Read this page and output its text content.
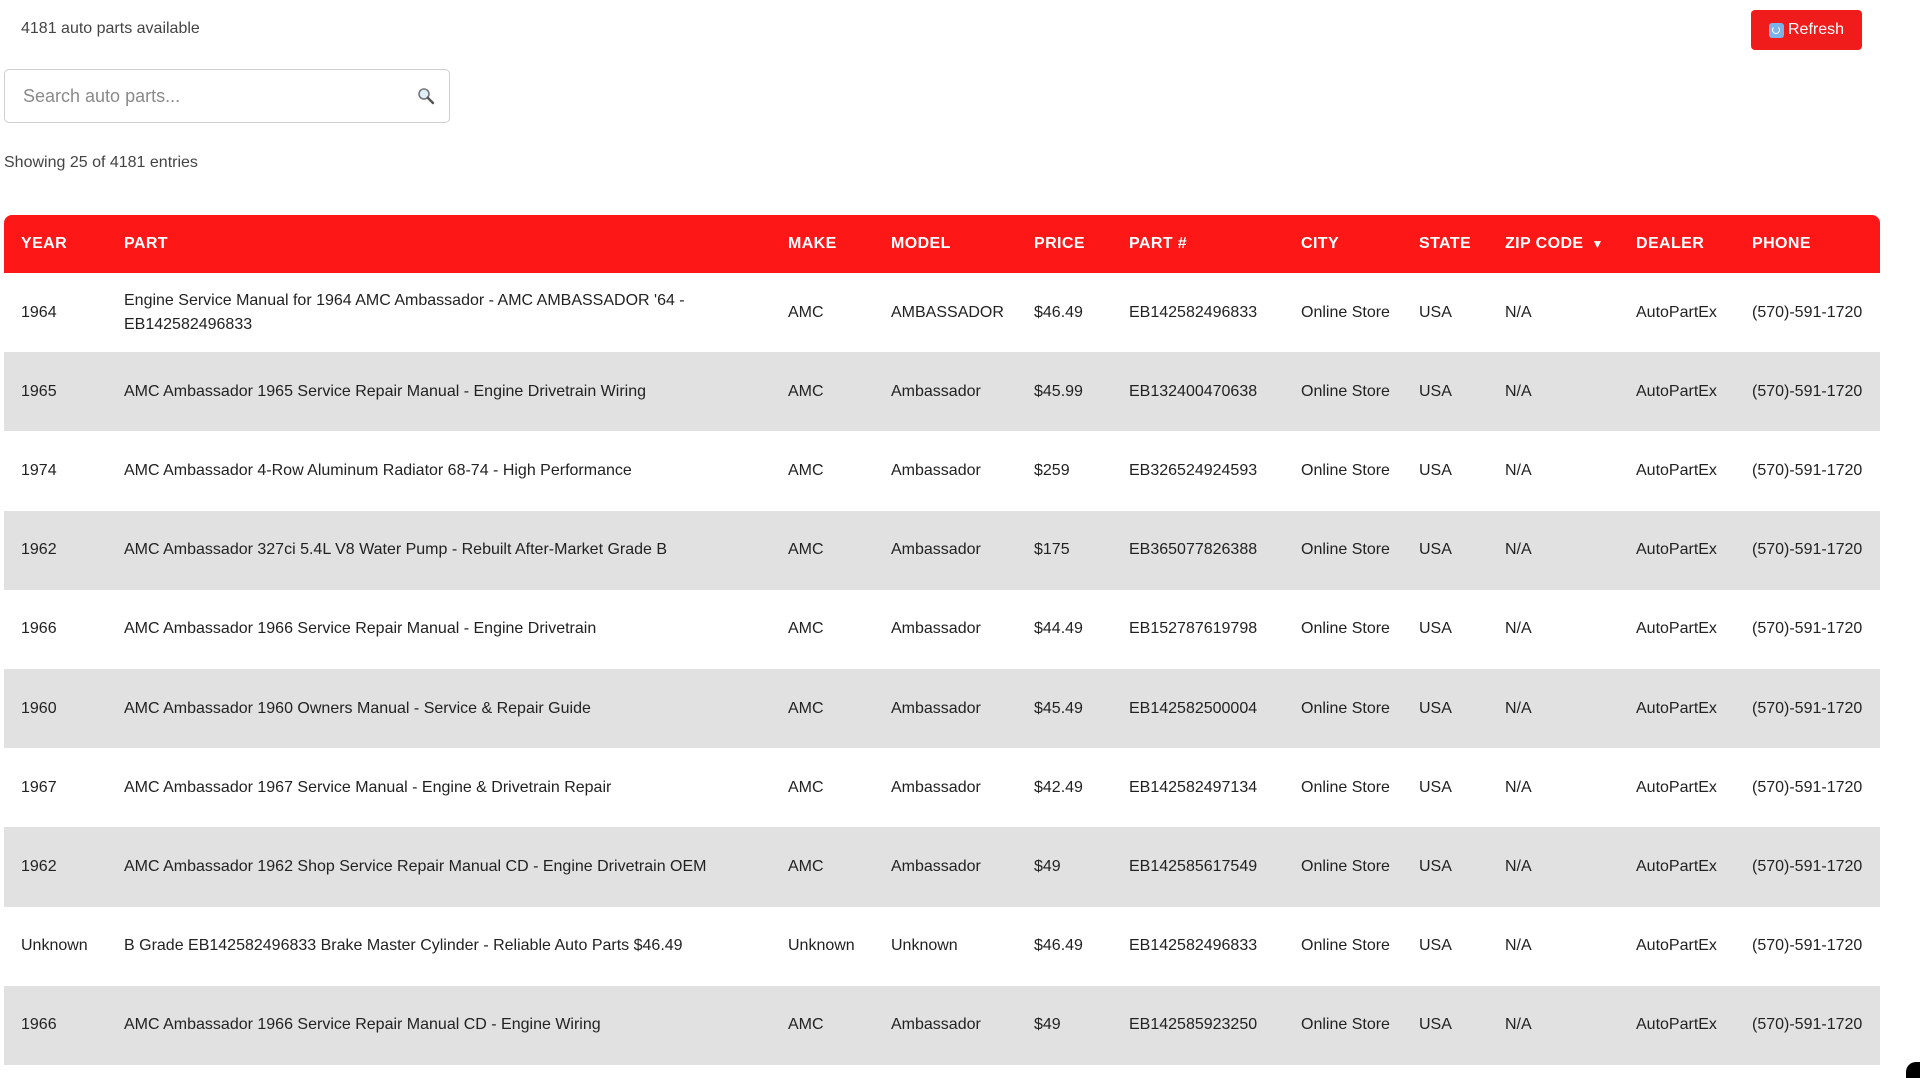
4181 auto parts available	Refresh
Search auto parts...
Showing 25 of 4181 entries
YEAR	PART	MAKE	MODEL	PRICE	PART #	CITY	STATE	ZIP CODE ▼	DEALER	PHONE
1964	Engine Service Manual for 1964 AMC Ambassador - AMC AMBASSADOR '64 - EB142582496833	AMC	AMBASSADOR	$46.49	EB142582496833	Online Store	USA	N/A	AutoPartEx	(570)-591-1720
1965	AMC Ambassador 1965 Service Repair Manual - Engine Drivetrain Wiring	AMC	Ambassador	$45.99	EB132400470638	Online Store	USA	N/A	AutoPartEx	(570)-591-1720
1974	AMC Ambassador 4-Row Aluminum Radiator 68-74 - High Performance	AMC	Ambassador	$259	EB326524924593	Online Store	USA	N/A	AutoPartEx	(570)-591-1720
1962	AMC Ambassador 327ci 5.4L V8 Water Pump - Rebuilt After-Market Grade B	AMC	Ambassador	$175	EB365077826388	Online Store	USA	N/A	AutoPartEx	(570)-591-1720
1966	AMC Ambassador 1966 Service Repair Manual - Engine Drivetrain	AMC	Ambassador	$44.49	EB152787619798	Online Store	USA	N/A	AutoPartEx	(570)-591-1720
1960	AMC Ambassador 1960 Owners Manual - Service & Repair Guide	AMC	Ambassador	$45.49	EB142582500004	Online Store	USA	N/A	AutoPartEx	(570)-591-1720
1967	AMC Ambassador 1967 Service Manual - Engine & Drivetrain Repair	AMC	Ambassador	$42.49	EB142582497134	Online Store	USA	N/A	AutoPartEx	(570)-591-1720
1962	AMC Ambassador 1962 Shop Service Repair Manual CD - Engine Drivetrain OEM	AMC	Ambassador	$49	EB142585617549	Online Store	USA	N/A	AutoPartEx	(570)-591-1720
Unknown	B Grade EB142582496833 Brake Master Cylinder - Reliable Auto Parts $46.49	Unknown	Unknown	$46.49	EB142582496833	Online Store	USA	N/A	AutoPartEx	(570)-591-1720
1966	AMC Ambassador 1966 Service Repair Manual CD - Engine Wiring	AMC	Ambassador	$49	EB142585923250	Online Store	USA	N/A	AutoPartEx	(570)-591-1720
